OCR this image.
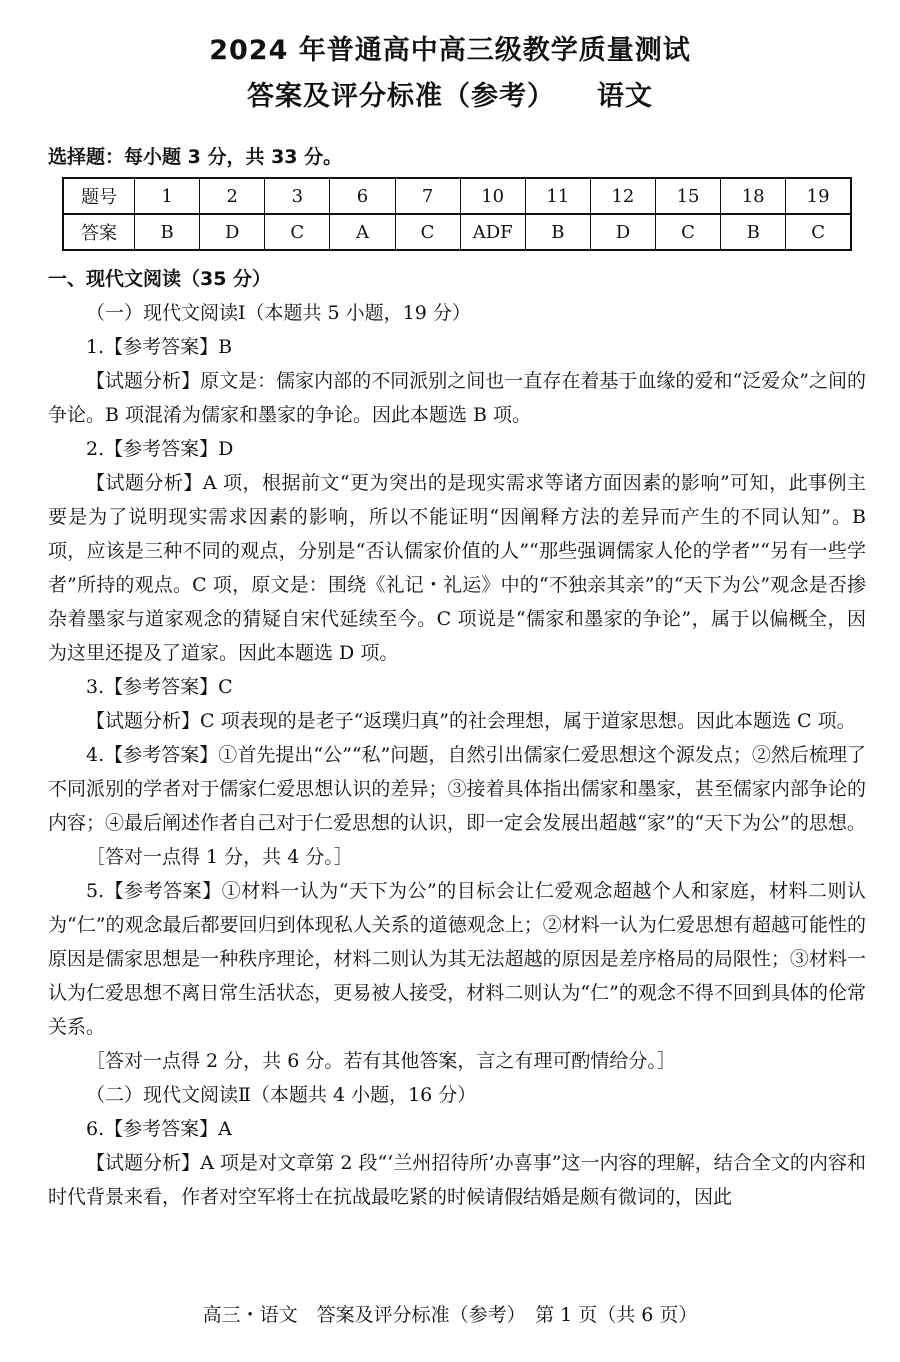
2024 年普通高中高三级教学质量测试
答案及评分标准（参考） 语文
选择题：每小题 3 分，共 33 分。
题号	1	2	3	6	7	10	11	12	15	18	19
答案	B	D	C	A	C	ADF	B	D	C	B	C

一、现代文阅读（35 分）

（一）现代文阅读Ⅰ（本题共 5 小题，19 分）

1.【参考答案】B

【试题分析】原文是：儒家内部的不同派别之间也一直存在着基于血缘的爱和“泛爱众”之间的争论。B 项混淆为儒家和墨家的争论。因此本题选 B 项。

2.【参考答案】D

【试题分析】A 项，根据前文“更为突出的是现实需求等诸方面因素的影响”可知，此事例主要是为了说明现实需求因素的影响，所以不能证明“因阐释方法的差异而产生的不同认知”。B 项，应该是三种不同的观点，分别是“否认儒家价值的人”“那些强调儒家人伦的学者”“另有一些学者”所持的观点。C 项，原文是：围绕《礼记・礼运》中的“不独亲其亲”的“天下为公”观念是否掺杂着墨家与道家观念的猜疑自宋代延续至今。C 项说是“儒家和墨家的争论”，属于以偏概全，因为这里还提及了道家。因此本题选 D 项。

3.【参考答案】C

【试题分析】C 项表现的是老子“返璞归真”的社会理想，属于道家思想。因此本题选 C 项。

4.【参考答案】①首先提出“公”“私”问题，自然引出儒家仁爱思想这个源发点；②然后梳理了不同派别的学者对于儒家仁爱思想认识的差异；③接着具体指出儒家和墨家，甚至儒家内部争论的内容；④最后阐述作者自己对于仁爱思想的认识，即一定会发展出超越“家”的“天下为公”的思想。

［答对一点得 1 分，共 4 分。］

5.【参考答案】①材料一认为“天下为公”的目标会让仁爱观念超越个人和家庭，材料二则认为“仁”的观念最后都要回归到体现私人关系的道德观念上；②材料一认为仁爱思想有超越可能性的原因是儒家思想是一种秩序理论，材料二则认为其无法超越的原因是差序格局的局限性；③材料一认为仁爱思想不离日常生活状态，更易被人接受，材料二则认为“仁”的观念不得不回到具体的伦常关系。

［答对一点得 2 分，共 6 分。若有其他答案，言之有理可酌情给分。］

（二）现代文阅读Ⅱ（本题共 4 小题，16 分）

6.【参考答案】A

【试题分析】A 项是对文章第 2 段“‘兰州招待所’办喜事”这一内容的理解，结合全文的内容和时代背景来看，作者对空军将士在抗战最吃紧的时候请假结婚是颇有微词的，因此

高三・语文　答案及评分标准（参考）　第 1 页（共 6 页）
